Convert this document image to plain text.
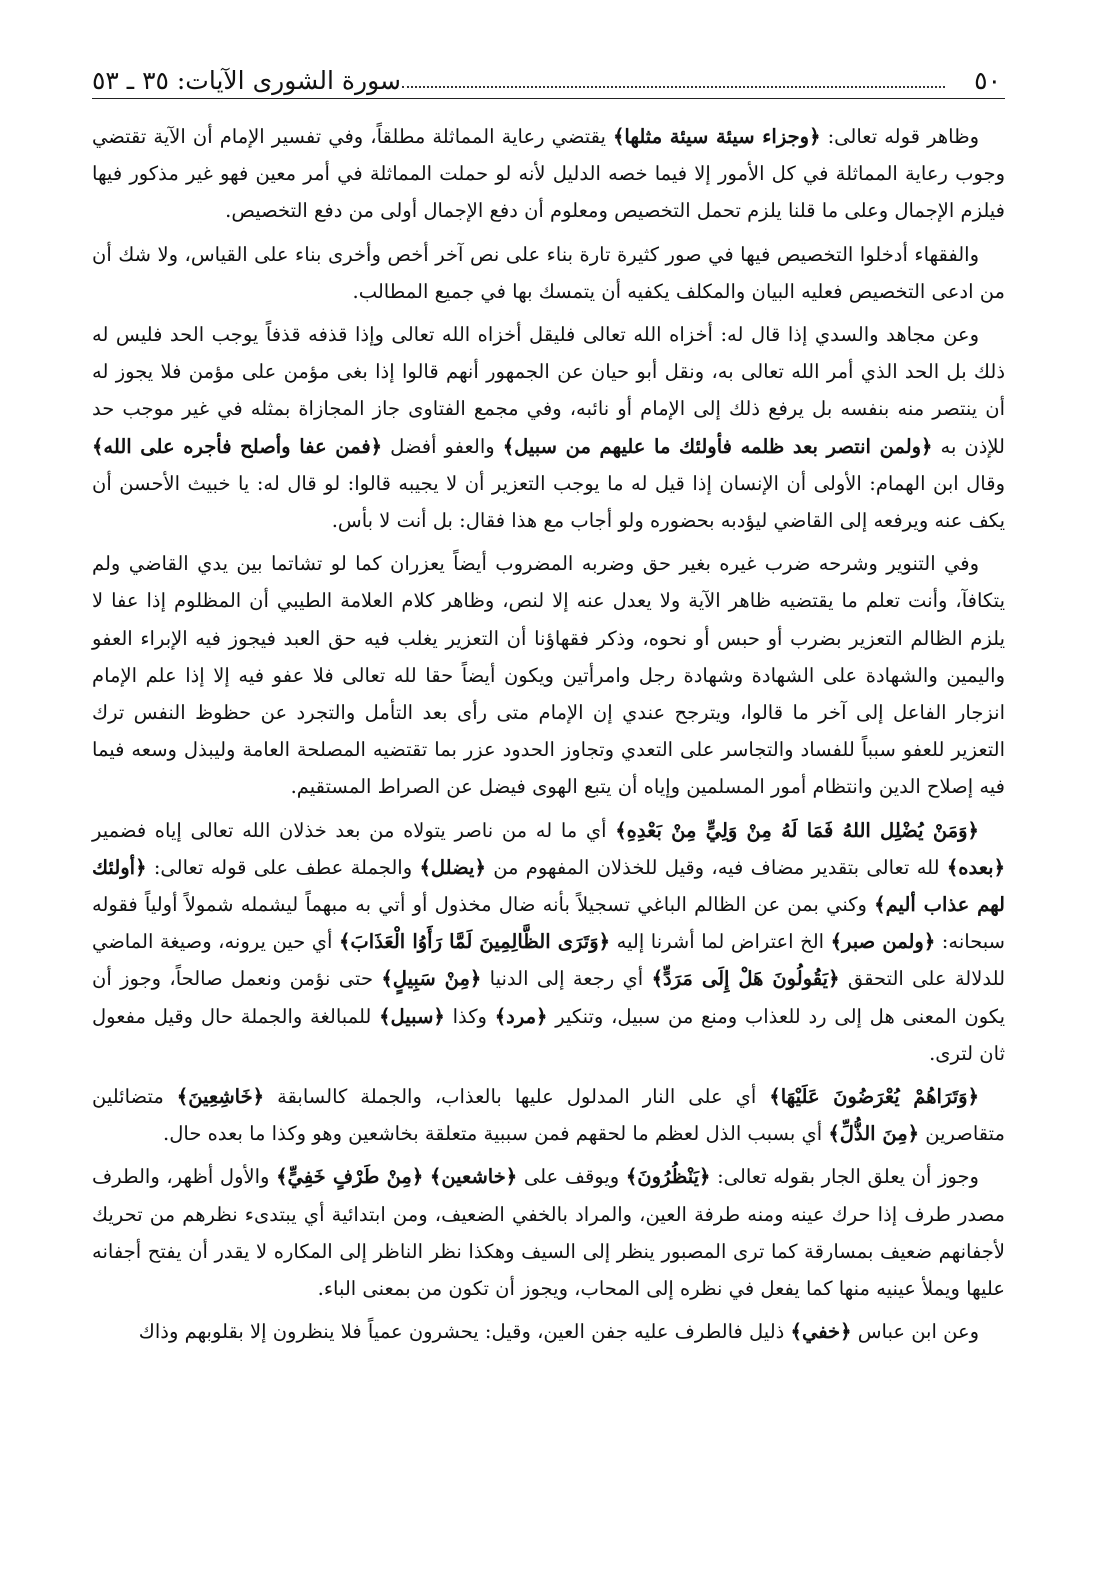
٥٠
سورة الشورى الآيات: ٣٥ ـ ٥٣

وظاهر قوله تعالى: ﴿وجزاء سيئة سيئة مثلها﴾ يقتضي رعاية المماثلة مطلقاً، وفي تفسير الإمام أن الآية تقتضي وجوب رعاية المماثلة في كل الأمور إلا فيما خصه الدليل لأنه لو حملت المماثلة في أمر معين فهو غير مذكور فيها فيلزم الإجمال وعلى ما قلنا يلزم تحمل التخصيص ومعلوم أن دفع الإجمال أولى من دفع التخصيص.

والفقهاء أدخلوا التخصيص فيها في صور كثيرة تارة بناء على نص آخر أخص وأخرى بناء على القياس، ولا شك أن من ادعى التخصيص فعليه البيان والمكلف يكفيه أن يتمسك بها في جميع المطالب.

وعن مجاهد والسدي إذا قال له: أخزاه الله تعالى فليقل أخزاه الله تعالى وإذا قذفه قذفاً يوجب الحد فليس له ذلك بل الحد الذي أمر الله تعالى به، ونقل أبو حيان عن الجمهور أنهم قالوا إذا بغى مؤمن على مؤمن فلا يجوز له أن ينتصر منه بنفسه بل يرفع ذلك إلى الإمام أو نائبه، وفي مجمع الفتاوى جاز المجازاة بمثله في غير موجب حد للإذن به ﴿ولمن انتصر بعد ظلمه فأولئك ما عليهم من سبيل﴾ والعفو أفضل ﴿فمن عفا وأصلح فأجره على الله﴾ وقال ابن الهمام: الأولى أن الإنسان إذا قيل له ما يوجب التعزير أن لا يجيبه قالوا: لو قال له: يا خبيث الأحسن أن يكف عنه ويرفعه إلى القاضي ليؤدبه بحضوره ولو أجاب مع هذا فقال: بل أنت لا بأس.

وفي التنوير وشرحه ضرب غيره بغير حق وضربه المضروب أيضاً يعزران كما لو تشاتما بين يدي القاضي ولم يتكافآ، وأنت تعلم ما يقتضيه ظاهر الآية ولا يعدل عنه إلا لنص، وظاهر كلام العلامة الطيبي أن المظلوم إذا عفا لا يلزم الظالم التعزير بضرب أو حبس أو نحوه، وذكر فقهاؤنا أن التعزير يغلب فيه حق العبد فيجوز فيه الإبراء العفو واليمين والشهادة على الشهادة وشهادة رجل وامرأتين ويكون أيضاً حقا لله تعالى فلا عفو فيه إلا إذا علم الإمام انزجار الفاعل إلى آخر ما قالوا، ويترجح عندي إن الإمام متى رأى بعد التأمل والتجرد عن حظوظ النفس ترك التعزير للعفو سبباً للفساد والتجاسر على التعدي وتجاوز الحدود عزر بما تقتضيه المصلحة العامة وليبذل وسعه فيما فيه إصلاح الدين وانتظام أمور المسلمين وإياه أن يتبع الهوى فيضل عن الصراط المستقيم.

﴿وَمَنْ يُضْلِل اللهُ فَمَا لَهُ مِنْ وَلِيٍّ مِنْ بَعْدِهِ﴾ أي ما له من ناصر يتولاه من بعد خذلان الله تعالى إياه فضمير ﴿بعده﴾ لله تعالى بتقدير مضاف فيه، وقيل للخذلان المفهوم من ﴿يضلل﴾ والجملة عطف على قوله تعالى: ﴿أولئك لهم عذاب أليم﴾ وكني بمن عن الظالم الباغي تسجيلاً بأنه ضال مخذول أو أتي به مبهماً ليشمله شمولاً أولياً فقوله سبحانه: ﴿ولمن صبر﴾ الخ اعتراض لما أشرنا إليه ﴿وَتَرَى الظَّالِمِينَ لَمَّا رَأَوُا الْعَذَابَ﴾ أي حين يرونه، وصيغة الماضي للدلالة على التحقق ﴿يَقُولُونَ هَلْ إِلَى مَرَدٍّ﴾ أي رجعة إلى الدنيا ﴿مِنْ سَبِيلٍ﴾ حتى نؤمن ونعمل صالحاً، وجوز أن يكون المعنى هل إلى رد للعذاب ومنع من سبيل، وتنكير ﴿مرد﴾ وكذا ﴿سبيل﴾ للمبالغة والجملة حال وقيل مفعول ثان لترى.

﴿وَتَرَاهُمْ يُعْرَضُونَ عَلَيْهَا﴾ أي على النار المدلول عليها بالعذاب، والجملة كالسابقة ﴿خَاشِعِينَ﴾ متضائلين متقاصرين ﴿مِنَ الذُّلِّ﴾ أي بسبب الذل لعظم ما لحقهم فمن سببية متعلقة بخاشعين وهو وكذا ما بعده حال.

وجوز أن يعلق الجار بقوله تعالى: ﴿يَنْظُرُونَ﴾ ويوقف على ﴿خاشعين﴾ ﴿مِنْ طَرْفٍ خَفِيٍّ﴾ والأول أظهر، والطرف مصدر طرف إذا حرك عينه ومنه طرفة العين، والمراد بالخفي الضعيف، ومن ابتدائية أي يبتدىء نظرهم من تحريك لأجفانهم ضعيف بمسارقة كما ترى المصبور ينظر إلى السيف وهكذا نظر الناظر إلى المكاره لا يقدر أن يفتح أجفانه عليها ويملأ عينيه منها كما يفعل في نظره إلى المحاب، ويجوز أن تكون من بمعنى الباء.

وعن ابن عباس ﴿خفي﴾ ذليل فالطرف عليه جفن العين، وقيل: يحشرون عمياً فلا ينظرون إلا بقلوبهم وذاك
